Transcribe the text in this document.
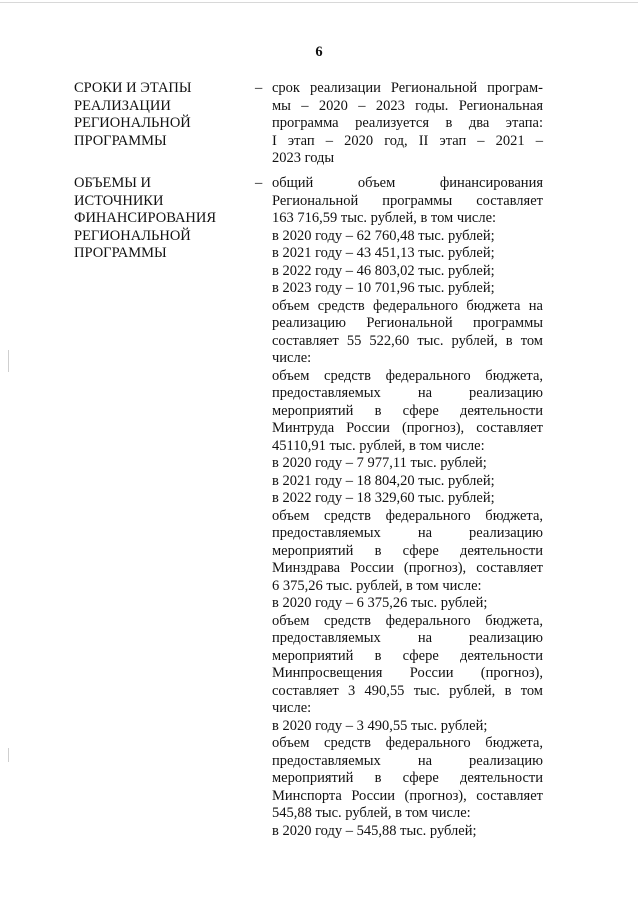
6
СРОКИ И ЭТАПЫ
РЕАЛИЗАЦИИ
РЕГИОНАЛЬНОЙ
ПРОГРАММЫ
– срок реализации Региональной програм-
мы – 2020 – 2023 годы. Региональная
программа реализуется в два этапа:
I этап – 2020 год, II этап – 2021 –
2023 годы
ОБЪЕМЫ И
ИСТОЧНИКИ
ФИНАНСИРОВАНИЯ
РЕГИОНАЛЬНОЙ
ПРОГРАММЫ
– общий объем финансирования
Региональной программы составляет
163 716,59 тыс. рублей, в том числе:
в 2020 году – 62 760,48 тыс. рублей;
в 2021 году – 43 451,13 тыс. рублей;
в 2022 году – 46 803,02 тыс. рублей;
в 2023 году – 10 701,96 тыс. рублей;
объем средств федерального бюджета на
реализацию Региональной программы
составляет 55 522,60 тыс. рублей, в том
числе:
объем средств федерального бюджета,
предоставляемых на реализацию
мероприятий в сфере деятельности
Минтруда России (прогноз), составляет
45110,91 тыс. рублей, в том числе:
в 2020 году – 7 977,11 тыс. рублей;
в 2021 году – 18 804,20 тыс. рублей;
в 2022 году – 18 329,60 тыс. рублей;
объем средств федерального бюджета,
предоставляемых на реализацию
мероприятий в сфере деятельности
Минздрава России (прогноз), составляет
6 375,26 тыс. рублей, в том числе:
в 2020 году – 6 375,26 тыс. рублей;
объем средств федерального бюджета,
предоставляемых на реализацию
мероприятий в сфере деятельности
Минпросвещения России (прогноз),
составляет 3 490,55 тыс. рублей, в том
числе:
в 2020 году – 3 490,55 тыс. рублей;
объем средств федерального бюджета,
предоставляемых на реализацию
мероприятий в сфере деятельности
Минспорта России (прогноз), составляет
545,88 тыс. рублей, в том числе:
в 2020 году – 545,88 тыс. рублей;
